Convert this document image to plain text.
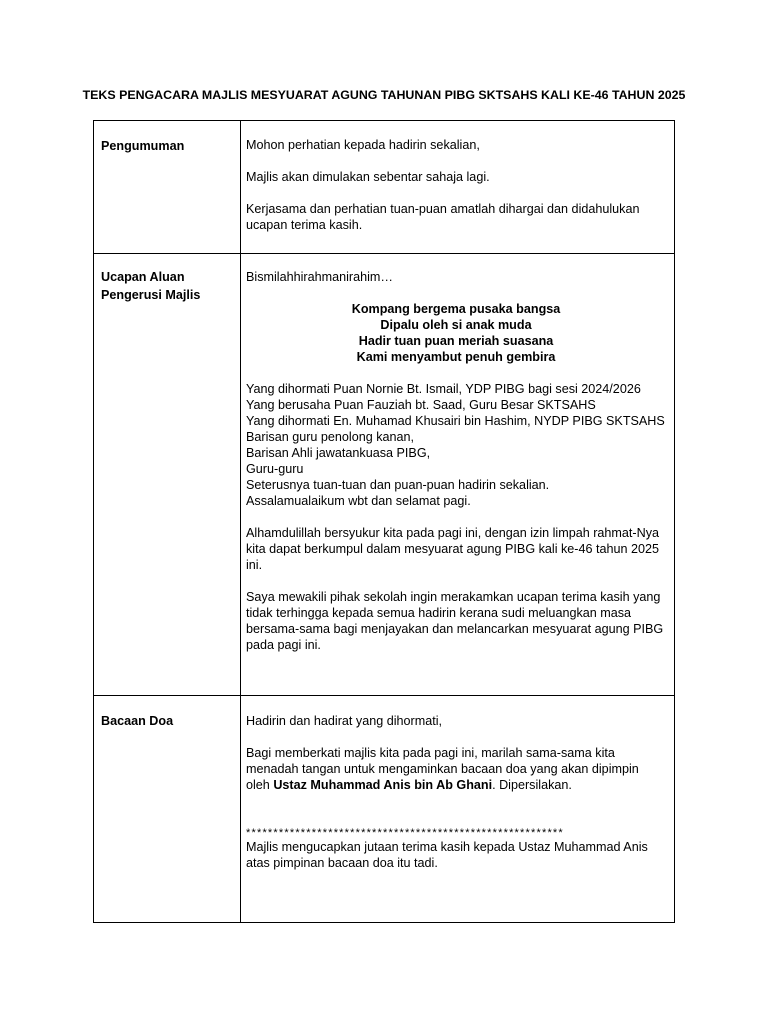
TEKS PENGACARA MAJLIS MESYUARAT AGUNG TAHUNAN PIBG SKTSAHS KALI KE-46 TAHUN 2025
Pengumuman	Mohon perhatian kepada hadirin sekalian,

Majlis akan dimulakan sebentar sahaja lagi.

Kerjasama dan perhatian tuan-puan amatlah dihargai dan didahulukan ucapan terima kasih.

Ucapan Aluan Pengerusi Majlis

Bismilahhirahmanirahim…

Kompang bergema pusaka bangsa

Dipalu oleh si anak muda

Hadir tuan puan meriah suasana

Kami menyambut penuh gembira

Yang dihormati Puan Nornie Bt. Ismail, YDP PIBG bagi sesi 2024/2026

Yang berusaha Puan Fauziah bt. Saad, Guru Besar SKTSAHS

Yang dihormati En. Muhamad Khusairi bin Hashim, NYDP PIBG SKTSAHS

Barisan guru penolong kanan,

Barisan Ahli jawatankuasa PIBG,

Guru-guru

Seterusnya tuan-tuan dan puan-puan hadirin sekalian.

Assalamualaikum wbt dan selamat pagi.

Alhamdulillah bersyukur kita pada pagi ini, dengan izin limpah rahmat-Nya kita dapat berkumpul dalam mesyuarat agung PIBG kali ke-46 tahun 2025 ini.

Saya mewakili pihak sekolah ingin merakamkan ucapan terima kasih yang tidak terhingga kepada semua hadirin kerana sudi meluangkan masa bersama-sama bagi menjayakan dan melancarkan mesyuarat agung PIBG pada pagi ini.

Bacaan Doa	Hadirin dan hadirat yang dihormati,

Bagi memberkati majlis kita pada pagi ini, marilah sama-sama kita menadah tangan untuk mengaminkan bacaan doa yang akan dipimpin oleh Ustaz Muhammad Anis bin Ab Ghani. Dipersilakan.

**********************************************************

Majlis mengucapkan jutaan terima kasih kepada Ustaz Muhammad Anis atas pimpinan bacaan doa itu tadi.
